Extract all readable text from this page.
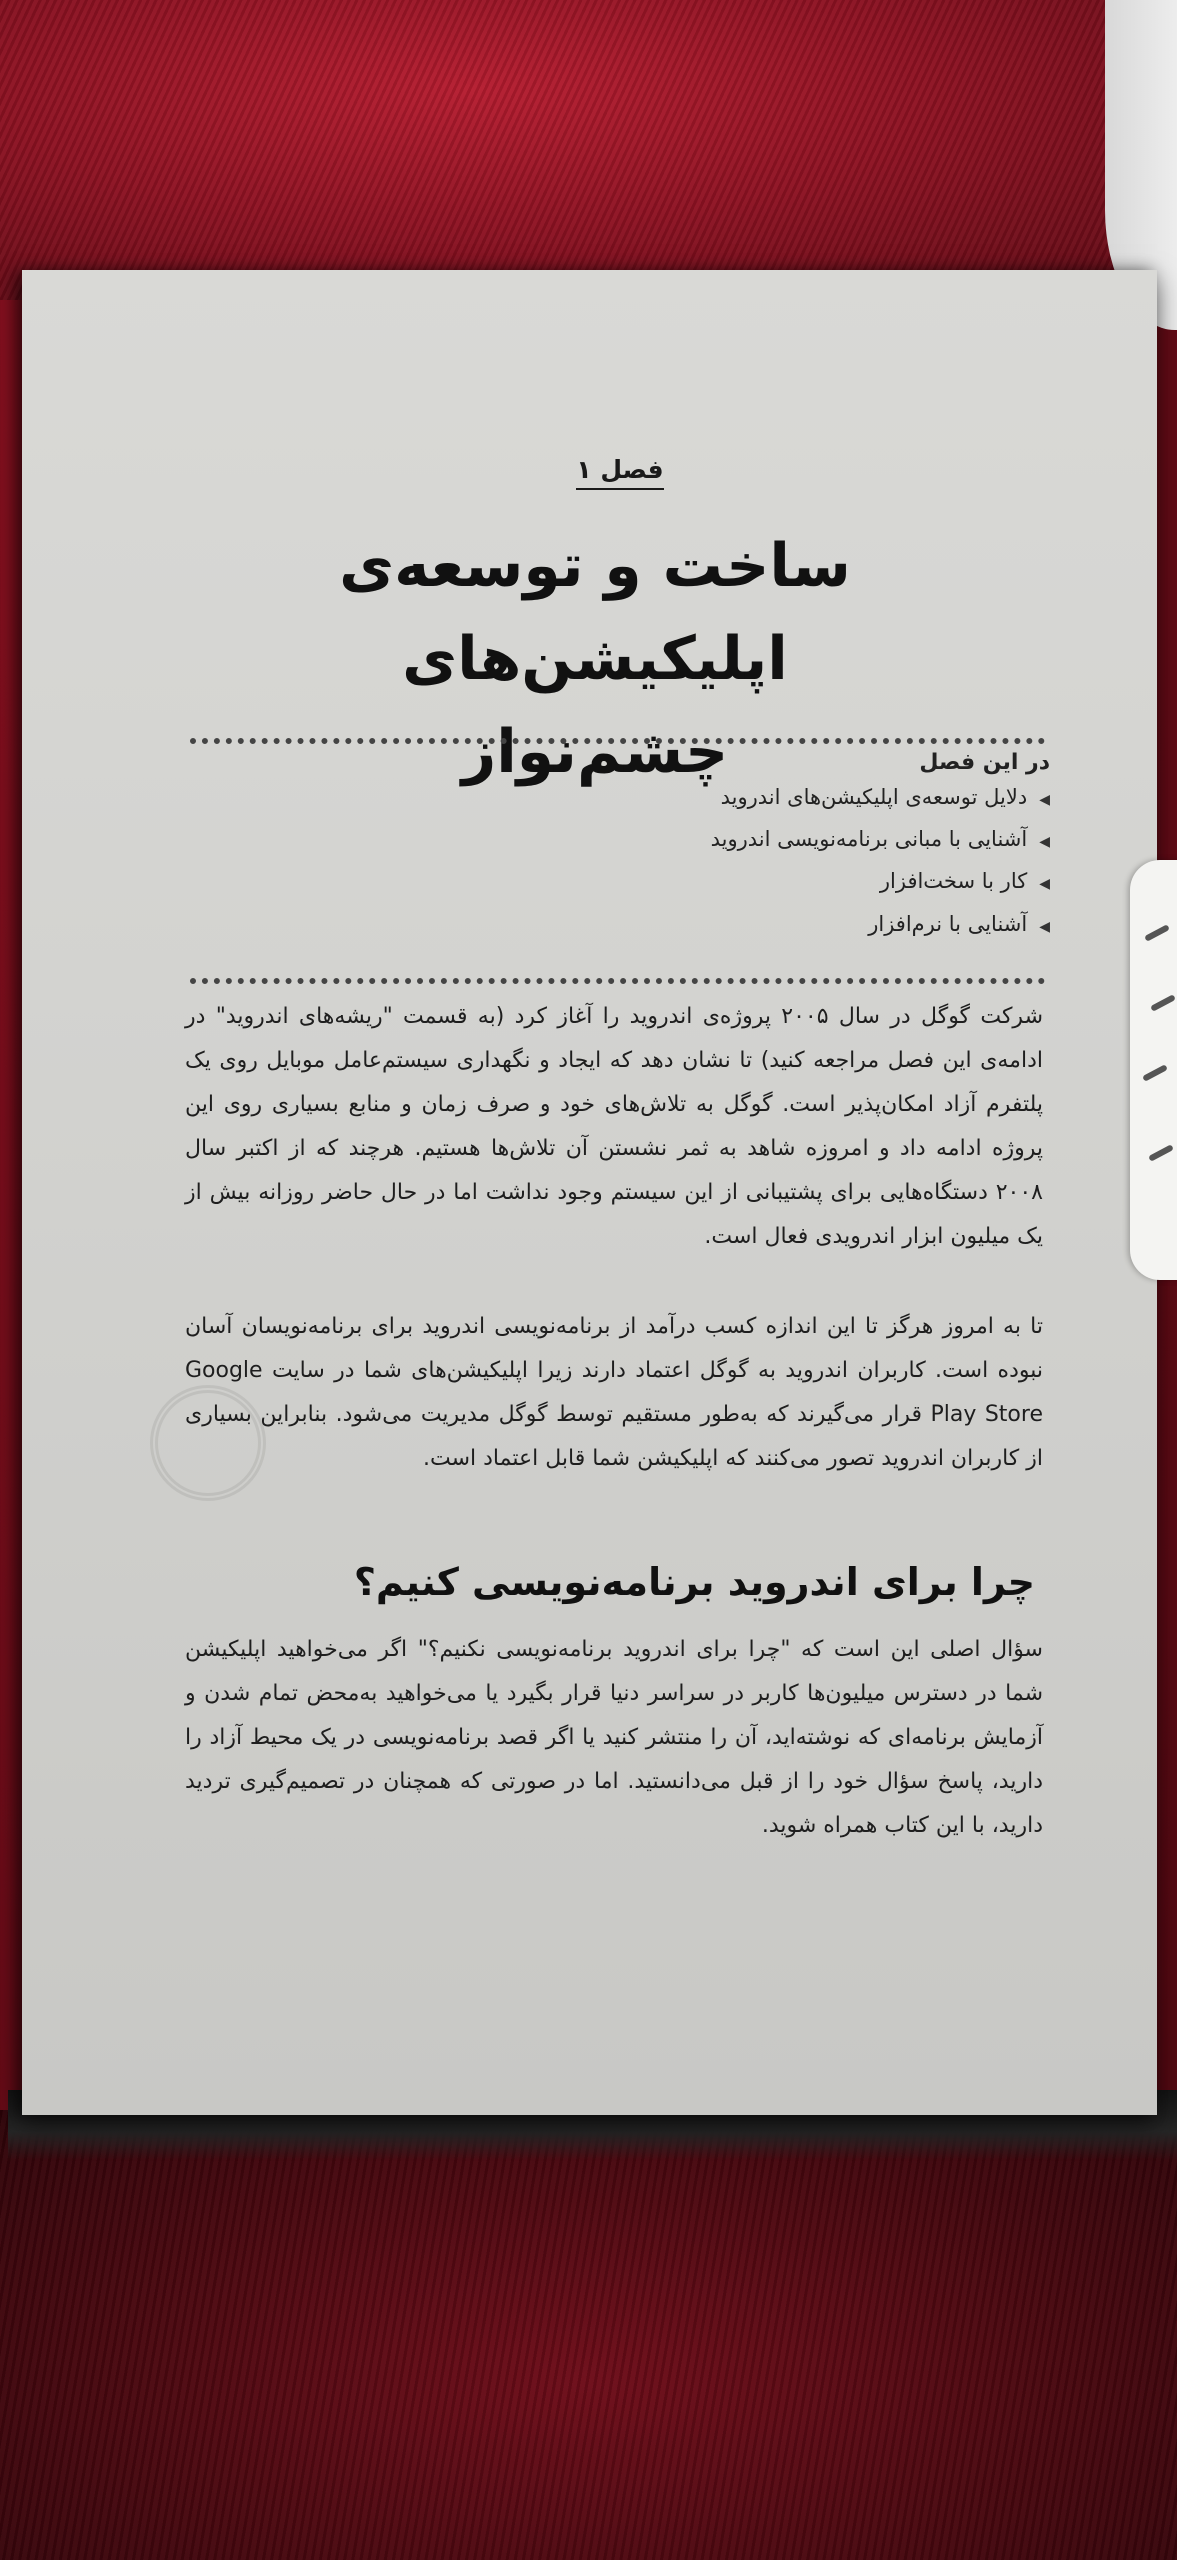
فصل ۱
ساخت و توسعه‌ی اپلیکیشن‌های
چشم‌نواز	در این فصل
◀دلایل توسعه‌ی اپلیکیشن‌های اندروید
◀آشنایی با مبانی برنامه‌نویسی اندروید
◀کار با سخت‌افزار
◀آشنایی با نرم‌افزار
شرکت گوگل در سال ۲۰۰۵ پروژه‌ی اندروید را آغاز کرد (به قسمت "ریشه‌های اندروید" در ادامه‌ی این فصل مراجعه کنید) تا نشان دهد که ایجاد و نگهداری سیستم‌عامل موبایل روی یک پلتفرم آزاد امکان‌پذیر است. گوگل به تلاش‌های خود و صرف زمان و منابع بسیاری روی این پروژه ادامه داد و امروزه شاهد به ثمر نشستن آن تلاش‌ها هستیم. هرچند که از اکتبر سال ۲۰۰۸ دستگاه‌هایی برای پشتیبانی از این سیستم وجود نداشت اما در حال حاضر روزانه بیش از یک میلیون ابزار اندرویدی فعال است.
تا به امروز هرگز تا این اندازه کسب درآمد از برنامه‌نویسی اندروید برای برنامه‌نویسان آسان نبوده است. کاربران اندروید به گوگل اعتماد دارند زیرا اپلیکیشن‌های شما در سایت Google Play Store قرار می‌گیرند که به‌طور مستقیم توسط گوگل مدیریت می‌شود. بنابراین بسیاری از کاربران اندروید تصور می‌کنند که اپلیکیشن شما قابل اعتماد است.
چرا برای اندروید برنامه‌نویسی کنیم؟
سؤال اصلی این است که "چرا برای اندروید برنامه‌نویسی نکنیم؟" اگر می‌خواهید اپلیکیشن شما در دسترس میلیون‌ها کاربر در سراسر دنیا قرار بگیرد یا می‌خواهید به‌محض تمام شدن و آزمایش برنامه‌ای که نوشته‌اید، آن را منتشر کنید یا اگر قصد برنامه‌نویسی در یک محیط آزاد را دارید، پاسخ سؤال خود را از قبل می‌دانستید. اما در صورتی که همچنان در تصمیم‌گیری تردید دارید، با این کتاب همراه شوید.
